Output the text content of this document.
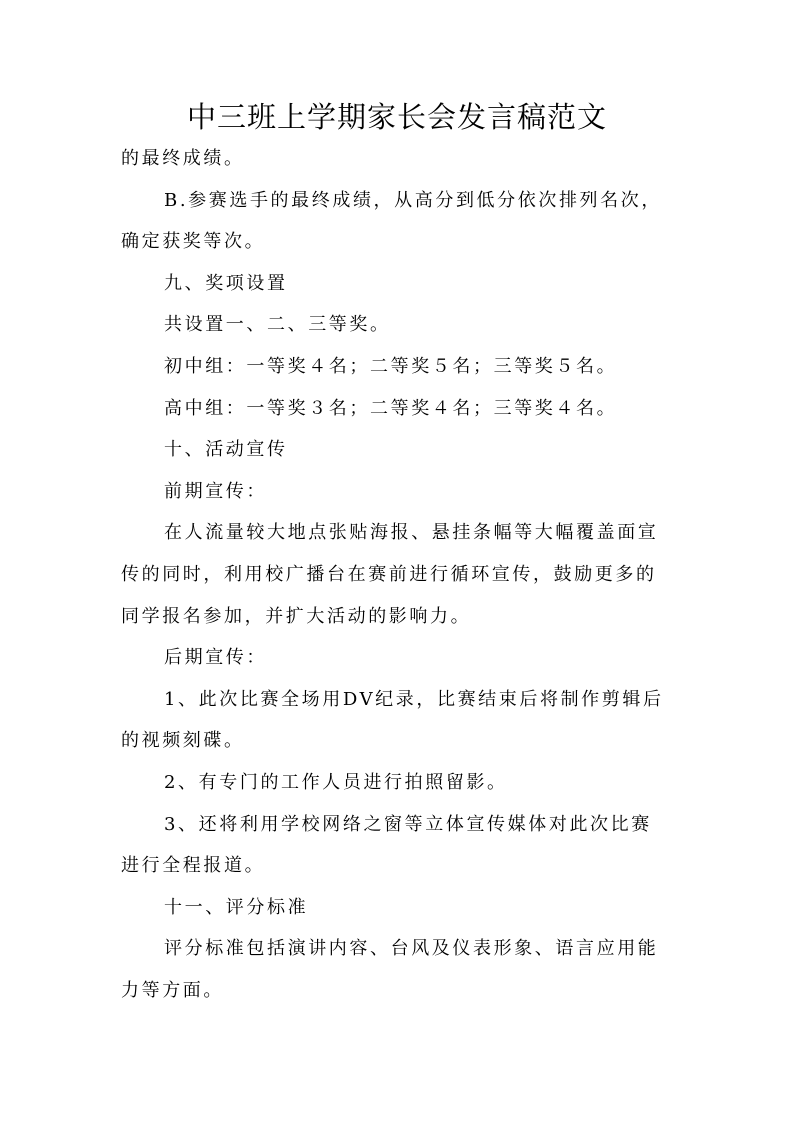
中三班上学期家长会发言稿范文

的最终成绩。

B.参赛选手的最终成绩，从高分到低分依次排列名次，

确定获奖等次。

九、奖项设置

共设置一、二、三等奖。

初中组：一等奖４名；二等奖５名；三等奖５名。

高中组：一等奖３名；二等奖４名；三等奖４名。

十、活动宣传

前期宣传：

在人流量较大地点张贴海报、悬挂条幅等大幅覆盖面宣

传的同时，利用校广播台在赛前进行循环宣传，鼓励更多的

同学报名参加，并扩大活动的影响力。

后期宣传：

1、此次比赛全场用DV纪录，比赛结束后将制作剪辑后

的视频刻碟。

2、有专门的工作人员进行拍照留影。

3、还将利用学校网络之窗等立体宣传媒体对此次比赛

进行全程报道。

十一、评分标准

评分标准包括演讲内容、台风及仪表形象、语言应用能

力等方面。
